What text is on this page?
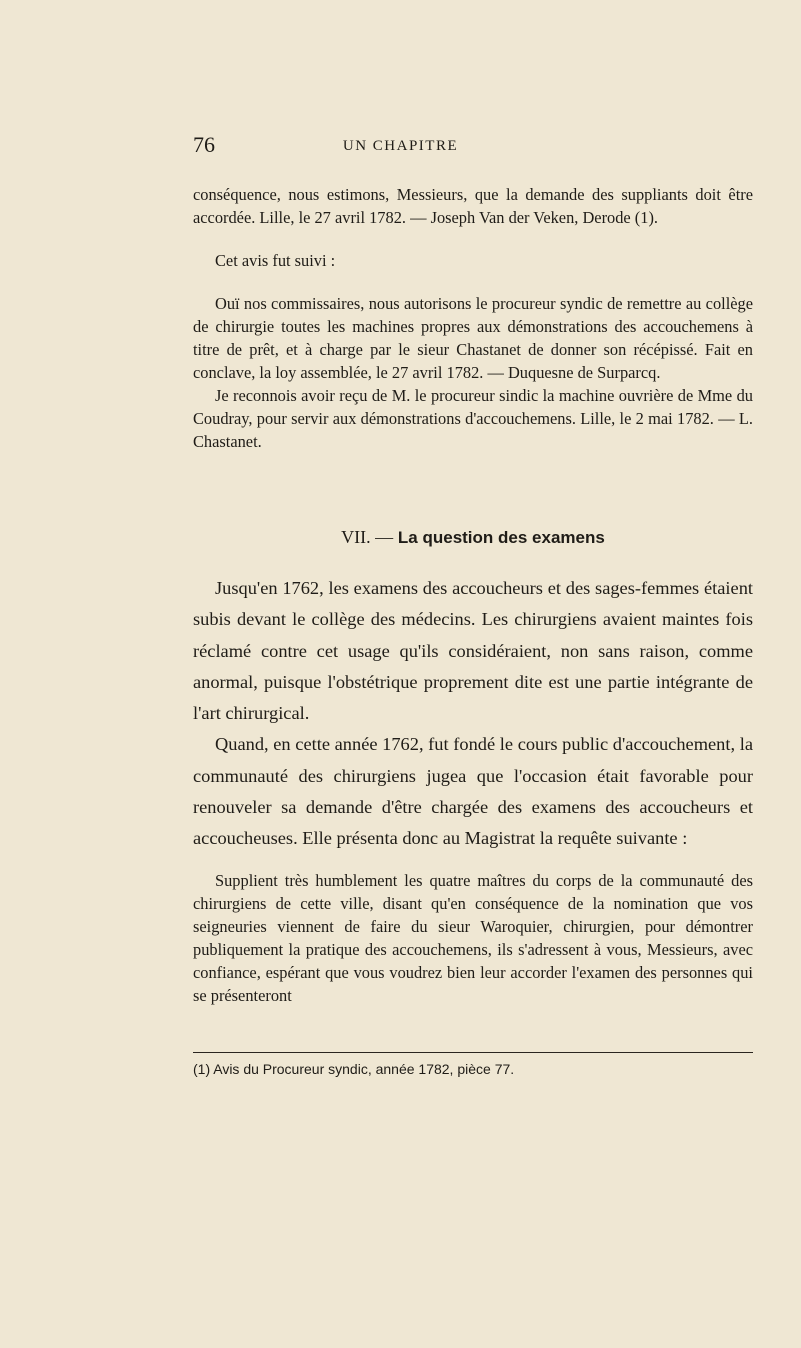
76	UN CHAPITRE

conséquence, nous estimons, Messieurs, que la demande des suppliants doit être accordée. Lille, le 27 avril 1782. — Joseph Van der Veken, Derode (1).

Cet avis fut suivi :

Ouï nos commissaires, nous autorisons le procureur syndic de remettre au collège de chirurgie toutes les machines propres aux démonstrations des accouchemens à titre de prêt, et à charge par le sieur Chastanet de donner son récépissé. Fait en conclave, la loy assemblée, le 27 avril 1782. — Duquesne de Surparcq.

Je reconnois avoir reçu de M. le procureur sindic la machine ouvrière de Mme du Coudray, pour servir aux démonstrations d'accouchemens. Lille, le 2 mai 1782. — L. Chastanet.

VII. — La question des examens

Jusqu'en 1762, les examens des accoucheurs et des sages-femmes étaient subis devant le collège des médecins. Les chirurgiens avaient maintes fois réclamé contre cet usage qu'ils considéraient, non sans raison, comme anormal, puisque l'obstétrique proprement dite est une partie intégrante de l'art chirurgical.

Quand, en cette année 1762, fut fondé le cours public d'accouchement, la communauté des chirurgiens jugea que l'occasion était favorable pour renouveler sa demande d'être chargée des examens des accoucheurs et accoucheuses. Elle présenta donc au Magistrat la requête suivante :

Supplient très humblement les quatre maîtres du corps de la communauté des chirurgiens de cette ville, disant qu'en conséquence de la nomination que vos seigneuries viennent de faire du sieur Waroquier, chirurgien, pour démontrer publiquement la pratique des accouchemens, ils s'adressent à vous, Messieurs, avec confiance, espérant que vous voudrez bien leur accorder l'examen des personnes qui se présenteront

(1) Avis du Procureur syndic, année 1782, pièce 77.
